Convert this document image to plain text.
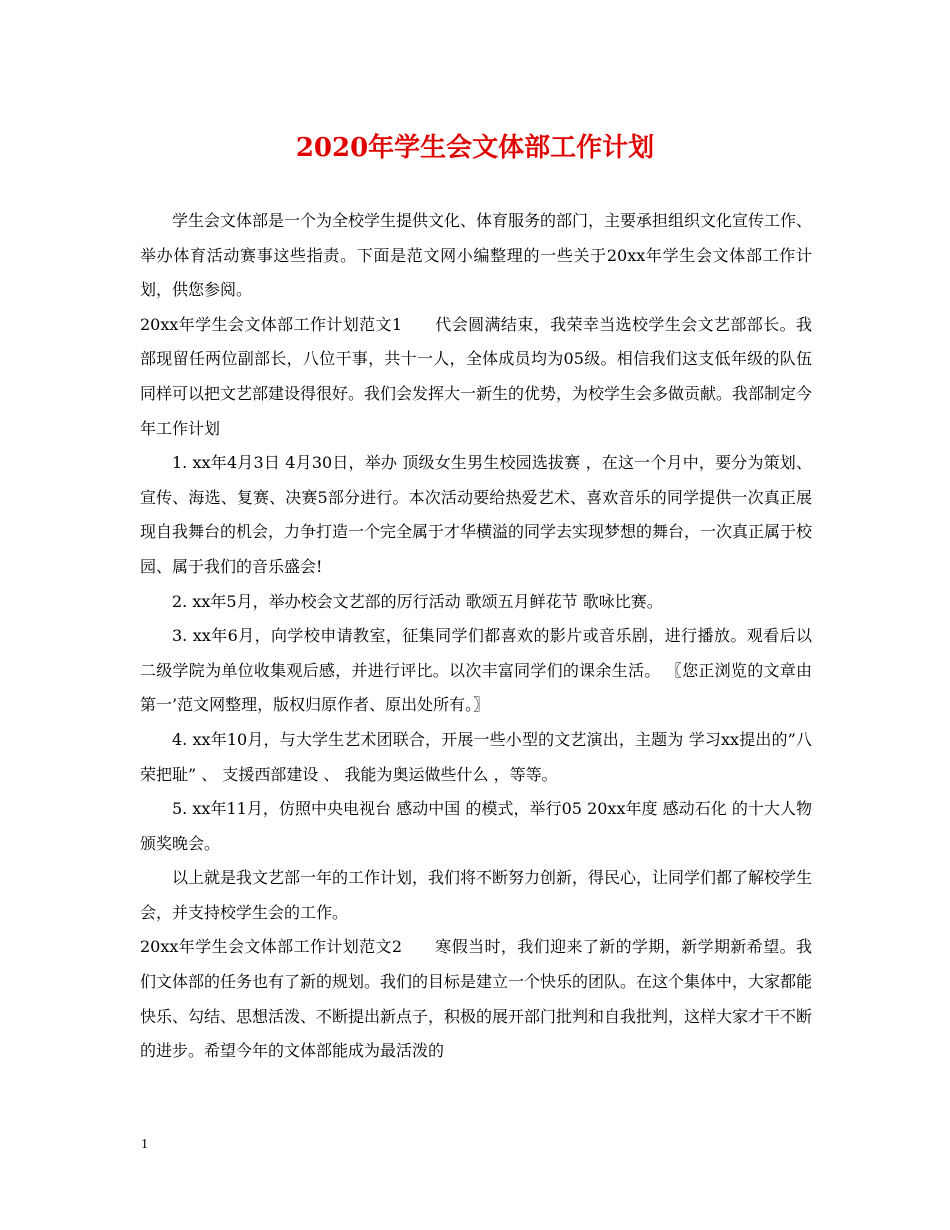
2020年学生会文体部工作计划

学生会文体部是一个为全校学生提供文化、体育服务的部门，主要承担组织文化宣传工作、举办体育活动赛事这些指责。下面是范文网小编整理的一些关于20xx年学生会文体部工作计划，供您参阅。

20xx年学生会文体部工作计划范文1　　代会圆满结束，我荣幸当选校学生会文艺部部长。我部现留任两位副部长，八位干事，共十一人，全体成员均为05级。相信我们这支低年级的队伍同样可以把文艺部建设得很好。我们会发挥大一新生的优势，为校学生会多做贡献。我部制定今年工作计划

1. xx年4月3日 4月30日，举办 顶级女生男生校园选拔赛 ，在这一个月中，要分为策划、宣传、海选、复赛、决赛5部分进行。本次活动要给热爱艺术、喜欢音乐的同学提供一次真正展现自我舞台的机会，力争打造一个完全属于才华横溢的同学去实现梦想的舞台，一次真正属于校园、属于我们的音乐盛会!

2. xx年5月，举办校会文艺部的厉行活动 歌颂五月鲜花节 歌咏比赛。

3. xx年6月，向学校申请教室，征集同学们都喜欢的影片或音乐剧，进行播放。观看后以二级学院为单位收集观后感，并进行评比。以次丰富同学们的课余生活。 〖您正浏览的文章由第一’范文网整理，版权归原作者、原出处所有。〗

4. xx年10月，与大学生艺术团联合，开展一些小型的文艺演出，主题为 学习xx提出的”八荣把耻” 、 支援西部建设 、 我能为奥运做些什么 ，等等。

5. xx年11月，仿照中央电视台 感动中国 的模式，举行05 20xx年度 感动石化 的十大人物颁奖晚会。

以上就是我文艺部一年的工作计划，我们将不断努力创新，得民心，让同学们都了解校学生会，并支持校学生会的工作。

20xx年学生会文体部工作计划范文2　　寒假当时，我们迎来了新的学期，新学期新希望。我们文体部的任务也有了新的规划。我们的目标是建立一个快乐的团队。在这个集体中，大家都能快乐、勾结、思想活泼、不断提出新点子，积极的展开部门批判和自我批判，这样大家才干不断的进步。希望今年的文体部能成为最活泼的

1
